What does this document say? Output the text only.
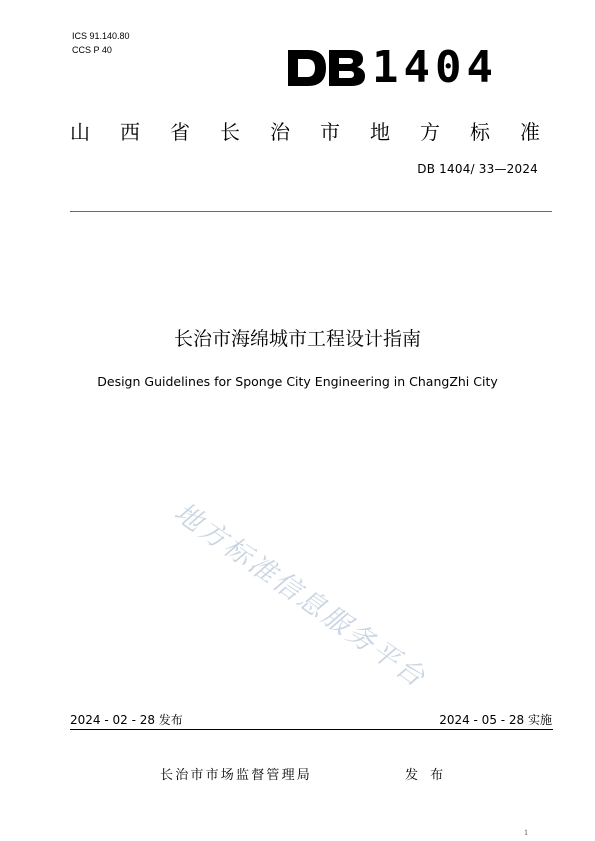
ICS 91.140.80
CCS P 40	1404
山 西 省 长 治 市 地 方 标 准
DB 1404/ 33—2024
长治市海绵城市工程设计指南
Design Guidelines for Sponge City Engineering in ChangZhi City
地方标准信息服务平台
2024 - 02 - 28 发布	2024 - 05 - 28 实施
长治市市场监督管理局	发 布
1
